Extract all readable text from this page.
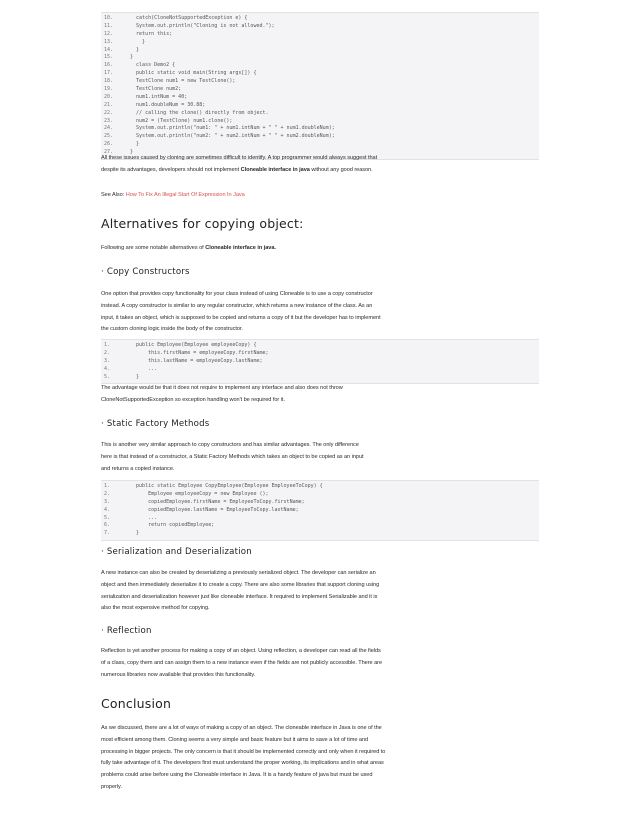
10.	catch(CloneNotSupportedException e) {
11.	System.out.println("Cloning is not allowed.");
12.	return this;
13.	}
14.	}
15.	}
16.	class Demo2 {
17.	public static void main(String args[]) {
18.	TestClone num1 = new TestClone();
19.	TestClone num2;
20.	num1.intNum = 40;
21.	num1.doubleNum = 30.88;
22.	// calling the clone() directly from object.
23.	num2 = (TestClone) num1.clone();
24.	System.out.println("num1: " + num1.intNum + " " + num1.doubleNum);
25.	System.out.println("num2: " + num2.intNum + " " + num2.doubleNum);
26.	}
27.	}

All these issues caused by cloning are sometimes difficult to identify. A top programmer would always suggest that despite its advantages, developers should not implement Cloneable interface in java without any good reason.

See Also: How To Fix An Illegal Start Of Expression In Java

Alternatives for copying object:

Following are some notable alternatives of Cloneable interface in java.

· Copy Constructors

One option that provides copy functionality for your class instead of using Cloneable is to use a copy constructor instead. A copy constructor is similar to any regular constructor, which returns a new instance of the class. As an input, it takes an object, which is supposed to be copied and returns a copy of it but the developer has to implement the custom cloning logic inside the body of the constructor.

1.	public Employee(Employee employeeCopy) {
2.	this.firstName = employeeCopy.firstName;
3.	this.lastName = employeeCopy.lastName;
4.	...
5.	}

The advantage would be that it does not require to implement any interface and also does not throw CloneNotSupportedException so exception handling won't be required for it.

· Static Factory Methods

This is another very similar approach to copy constructors and has similar advantages. The only difference here is that instead of a constructor, a Static Factory Methods which takes an object to be copied as an input and returns a copied instance.

1.	public static Employee CopyEmployee(Employee EmployeeToCopy) {
2.	Employee employeeCopy = new Employee ();
3.	copiedEmployee.firstName = EmployeeToCopy.firstName;
4.	copiedEmployee.lastName = EmployeeToCopy.lastName;
5.	...
6.	return copiedEmployee;
7.	}
· Serialization and Deserialization

A new instance can also be created by deserializing a previously serialized object. The developer can serialize an object and then immediately deserialize it to create a copy. There are also some libraries that support cloning using serialization and deserialization however just like cloneable interface. It required to implement Serializable and it is also the most expensive method for copying.

· Reflection

Reflection is yet another process for making a copy of an object. Using reflection, a developer can read all the fields of a class, copy them and can assign them to a new instance even if the fields are not publicly accessible. There are numerous libraries now available that provides this functionality.

Conclusion

As we discussed, there are a lot of ways of making a copy of an object. The cloneable interface in Java is one of the most efficient among them. Cloning seems a very simple and basic feature but it aims to save a lot of time and processing in bigger projects. The only concern is that it should be implemented correctly and only when it required to fully take advantage of it. The developers first must understand the proper working, its implications and in what areas problems could arise before using the Cloneable interface in Java. It is a handy feature of java but must be used properly.
